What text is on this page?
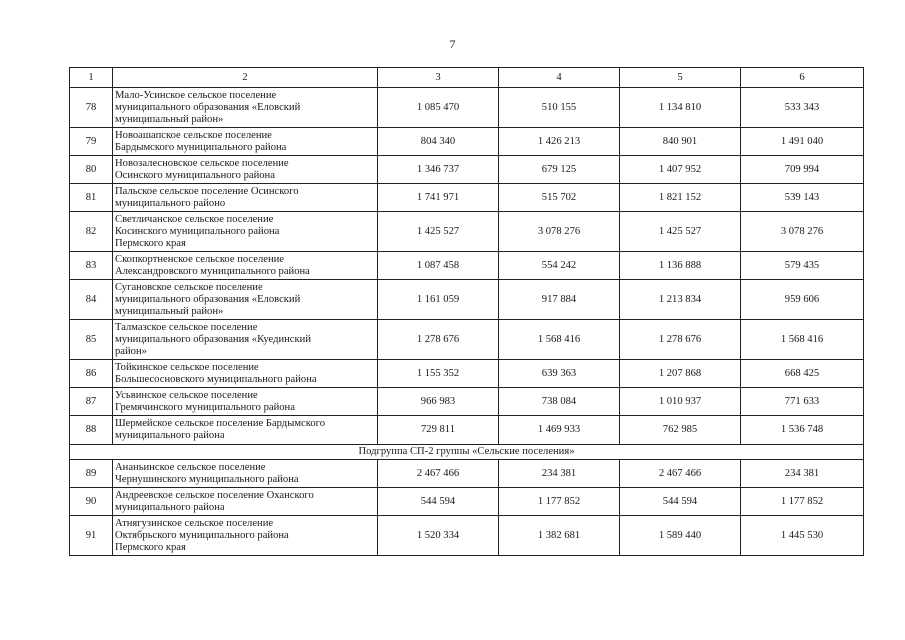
7
1	2	3	4	5	6
78	Мало-Усинское сельское поселение
муниципального образования «Еловский
муниципальный район»	1 085 470	510 155	1 134 810	533 343
79	Новоашапское сельское поселение
Бардымского муниципального района	804 340	1 426 213	840 901	1 491 040
80	Новозалесновское сельское поселение
Осинского муниципального района	1 346 737	679 125	1 407 952	709 994
81	Пальское сельское поселение Осинского
муниципального районо	1 741 971	515 702	1 821 152	539 143
82	Светличанское сельское поселение
Косинского муниципального района
Пермского края	1 425 527	3 078 276	1 425 527	3 078 276
83	Скопкортненское сельское поселение
Александровского муниципального района	1 087 458	554 242	1 136 888	579 435
84	Сугановское сельское поселение
муниципального образования «Еловский
муниципальный район»	1 161 059	917 884	1 213 834	959 606
85	Талмазское сельское поселение
муниципального образования «Куединский
район»	1 278 676	1 568 416	1 278 676	1 568 416
86	Тойкинское сельское поселение
Большесосновского муниципального района	1 155 352	639 363	1 207 868	668 425
87	Усьвинское сельское поселение
Гремячинского муниципального района	966 983	738 084	1 010 937	771 633
88	Шермейское сельское поселение Бардымского
муниципального района	729 811	1 469 933	762 985	1 536 748
Подгруппа СП-2 группы «Сельские поселения»					
89	Ананьинское сельское поселение
Чернушинского муниципального района	2 467 466	234 381	2 467 466	234 381
90	Андреевское сельское поселение Оханского
муниципального района	544 594	1 177 852	544 594	1 177 852
91	Атнягузинское сельское поселение
Октябрьского муниципального района
Пермского края	1 520 334	1 382 681	1 589 440	1 445 530
